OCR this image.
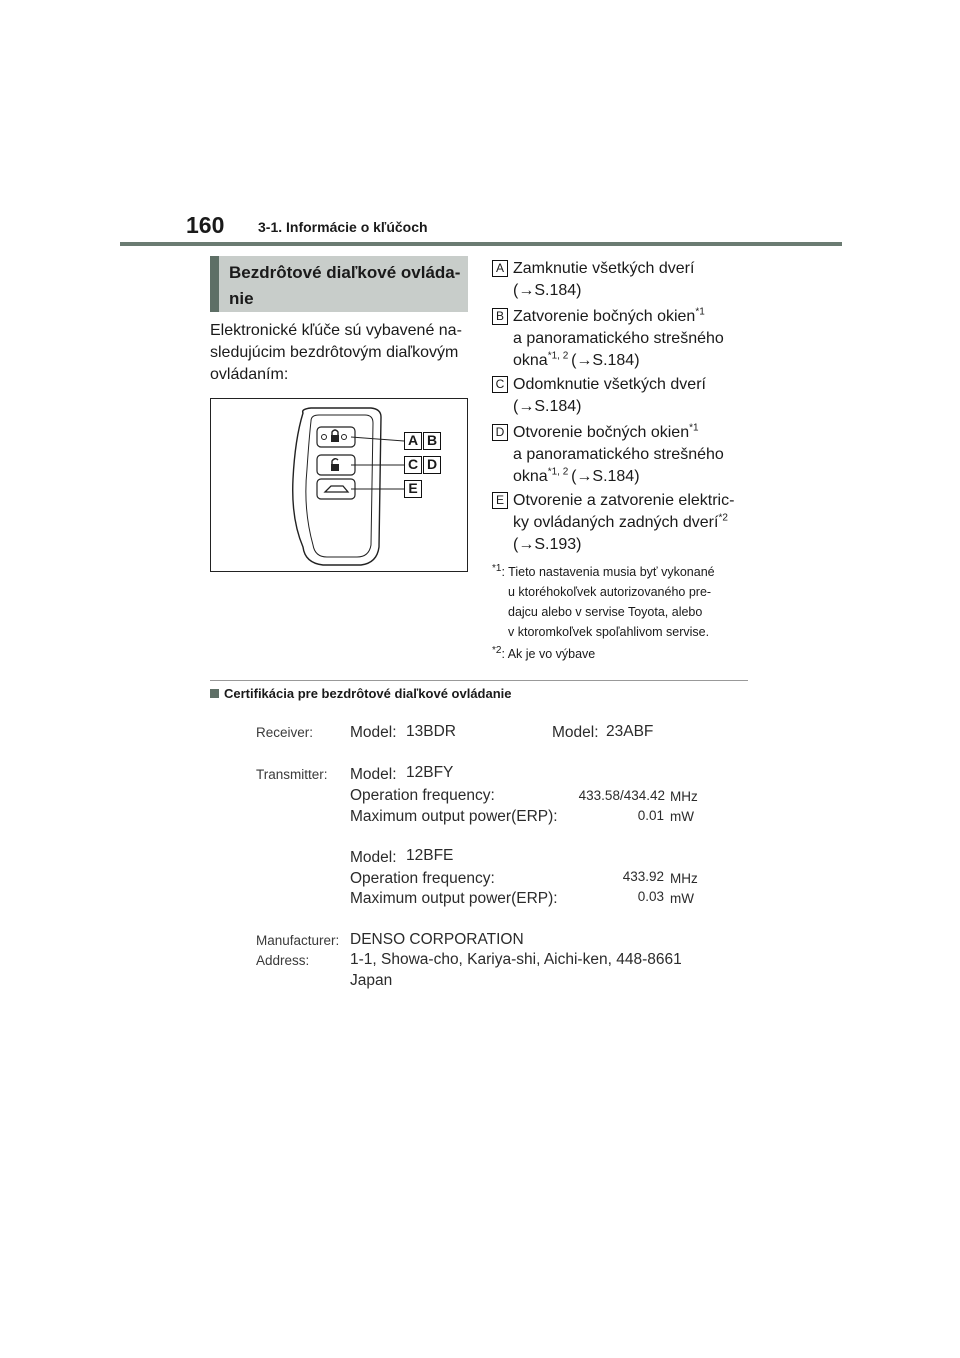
160 3-1. Informácie o kľúčoch
Bezdrôtové diaľkové ovláda-
nie
Elektronické kľúče sú vybavené na-sledujúcim bezdrôtovým diaľkovým ovládaním:
A B
C D
E
A Zamknutie všetkých dverí
(→S.184)
B Zatvorenie bočných okien$^{*1}$
a panoramatického strešného
okna$^{*1, 2}$ (→S.184)
C Odomknutie všetkých dverí
(→S.184)
D Otvorenie bočných okien$^{*1}$
a panoramatického strešného
okna$^{*1, 2}$ (→S.184)
E Otvorenie a zatvorenie elektric-
ky ovládaných zadných dverí$^{*2}$
(→S.193)
$^{*1}$: Tieto nastavenia musia byť vykonané
u ktoréhokoľvek autorizovaného pre-
dajcu alebo v servise Toyota, alebo
v ktoromkoľvek spoľahlivom servise.
$^{*2}$: Ak je vo výbave
Certifikácia pre bezdrôtové diaľkové ovládanie
Receiver: Model: 13BDR	Model: 23ABF
Transmitter: Model: 12BFY
Operation frequency:	433.58/434.42 MHz
Maximum output power(ERP):	0.01 mW
Model: 12BFE
Operation frequency:	433.92 MHz
Maximum output power(ERP):	0.03 mW
Manufacturer: DENSO CORPORATION
Address:	1-1, Showa-cho, Kariya-shi, Aichi-ken, 448-8661
Japan
